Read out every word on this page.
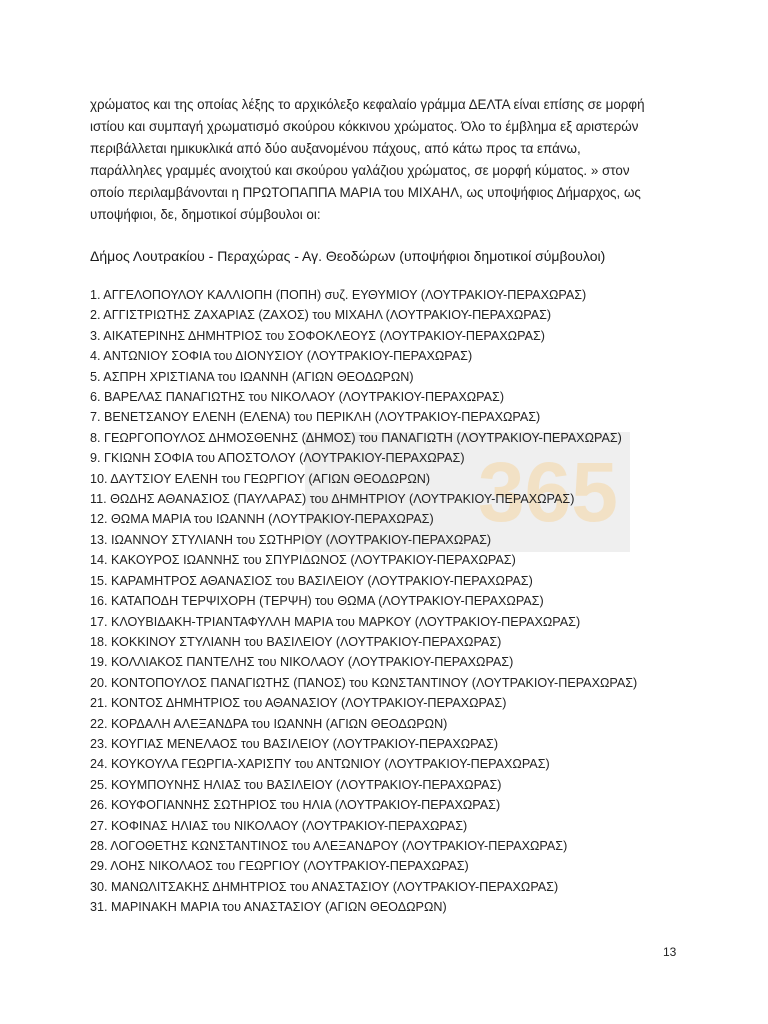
365
χρώματος και της οποίας λέξης το αρχικόλεξο κεφαλαίο γράμμα ΔΕΛΤΑ είναι επίσης σε μορφή
ιστίου και συμπαγή χρωματισμό σκούρου κόκκινου χρώματος. Όλο το έμβλημα εξ αριστερών
περιβάλλεται ημικυκλικά από δύο αυξανομένου πάχους, από κάτω προς τα επάνω,
παράλληλες γραμμές ανοιχτού και σκούρου γαλάζιου χρώματος, σε μορφή κύματος. » στον
οποίο περιλαμβάνονται η ΠΡΩΤΟΠΑΠΠΑ ΜΑΡΙΑ του ΜΙΧΑΗΛ, ως υποψήφιος Δήμαρχος, ως
υποψήφιοι, δε, δημοτικοί σύμβουλοι οι:
Δήμος Λουτρακίου - Περαχώρας - Αγ. Θεοδώρων (υποψήφιοι δημοτικοί σύμβουλοι)
1. ΑΓΓΕΛΟΠΟΥΛΟΥ ΚΑΛΛΙΟΠΗ (ΠΟΠΗ) συζ. ΕΥΘΥΜΙΟΥ (ΛΟΥΤΡΑΚΙΟΥ-ΠΕΡΑΧΩΡΑΣ)
2. ΑΓΓΙΣΤΡΙΩΤΗΣ ΖΑΧΑΡΙΑΣ (ΖΑΧΟΣ) του ΜΙΧΑΗΛ (ΛΟΥΤΡΑΚΙΟΥ-ΠΕΡΑΧΩΡΑΣ)
3. ΑΙΚΑΤΕΡΙΝΗΣ ΔΗΜΗΤΡΙΟΣ του ΣΟΦΟΚΛΕΟΥΣ (ΛΟΥΤΡΑΚΙΟΥ-ΠΕΡΑΧΩΡΑΣ)
4. ΑΝΤΩΝΙΟΥ ΣΟΦΙΑ του ΔΙΟΝΥΣΙΟΥ (ΛΟΥΤΡΑΚΙΟΥ-ΠΕΡΑΧΩΡΑΣ)
5. ΑΣΠΡΗ ΧΡΙΣΤΙΑΝΑ του ΙΩΑΝΝΗ (ΑΓΙΩΝ ΘΕΟΔΩΡΩΝ)
6. ΒΑΡΕΛΑΣ ΠΑΝΑΓΙΩΤΗΣ του ΝΙΚΟΛΑΟΥ (ΛΟΥΤΡΑΚΙΟΥ-ΠΕΡΑΧΩΡΑΣ)
7. ΒΕΝΕΤΣΑΝΟΥ ΕΛΕΝΗ (ΕΛΕΝΑ) του ΠΕΡΙΚΛΗ (ΛΟΥΤΡΑΚΙΟΥ-ΠΕΡΑΧΩΡΑΣ)
8. ΓΕΩΡΓΟΠΟΥΛΟΣ ΔΗΜΟΣΘΕΝΗΣ (ΔΗΜΟΣ) του ΠΑΝΑΓΙΩΤΗ (ΛΟΥΤΡΑΚΙΟΥ-ΠΕΡΑΧΩΡΑΣ)
9. ΓΚΙΩΝΗ ΣΟΦΙΑ του ΑΠΟΣΤΟΛΟΥ (ΛΟΥΤΡΑΚΙΟΥ-ΠΕΡΑΧΩΡΑΣ)
10. ΔΑΥΤΣΙΟΥ ΕΛΕΝΗ του ΓΕΩΡΓΙΟΥ (ΑΓΙΩΝ ΘΕΟΔΩΡΩΝ)
11. ΘΩΔΗΣ ΑΘΑΝΑΣΙΟΣ (ΠΑΥΛΑΡΑΣ) του ΔΗΜΗΤΡΙΟΥ (ΛΟΥΤΡΑΚΙΟΥ-ΠΕΡΑΧΩΡΑΣ)
12. ΘΩΜΑ ΜΑΡΙΑ του ΙΩΑΝΝΗ (ΛΟΥΤΡΑΚΙΟΥ-ΠΕΡΑΧΩΡΑΣ)
13. ΙΩΑΝΝΟΥ ΣΤΥΛΙΑΝΗ του ΣΩΤΗΡΙΟΥ (ΛΟΥΤΡΑΚΙΟΥ-ΠΕΡΑΧΩΡΑΣ)
14. ΚΑΚΟΥΡΟΣ ΙΩΑΝΝΗΣ του ΣΠΥΡΙΔΩΝΟΣ (ΛΟΥΤΡΑΚΙΟΥ-ΠΕΡΑΧΩΡΑΣ)
15. ΚΑΡΑΜΗΤΡΟΣ ΑΘΑΝΑΣΙΟΣ του ΒΑΣΙΛΕΙΟΥ (ΛΟΥΤΡΑΚΙΟΥ-ΠΕΡΑΧΩΡΑΣ)
16. ΚΑΤΑΠΟΔΗ ΤΕΡΨΙΧΟΡΗ (ΤΕΡΨΗ) του ΘΩΜΑ (ΛΟΥΤΡΑΚΙΟΥ-ΠΕΡΑΧΩΡΑΣ)
17. ΚΛΟΥΒΙΔΑΚΗ-ΤΡΙΑΝΤΑΦΥΛΛΗ ΜΑΡΙΑ του ΜΑΡΚΟΥ (ΛΟΥΤΡΑΚΙΟΥ-ΠΕΡΑΧΩΡΑΣ)
18. ΚΟΚΚΙΝΟΥ ΣΤΥΛΙΑΝΗ του ΒΑΣΙΛΕΙΟΥ (ΛΟΥΤΡΑΚΙΟΥ-ΠΕΡΑΧΩΡΑΣ)
19. ΚΟΛΛΙΑΚΟΣ ΠΑΝΤΕΛΗΣ του ΝΙΚΟΛΑΟΥ (ΛΟΥΤΡΑΚΙΟΥ-ΠΕΡΑΧΩΡΑΣ)
20. ΚΟΝΤΟΠΟΥΛΟΣ ΠΑΝΑΓΙΩΤΗΣ (ΠΑΝΟΣ) του ΚΩΝΣΤΑΝΤΙΝΟΥ (ΛΟΥΤΡΑΚΙΟΥ-ΠΕΡΑΧΩΡΑΣ)
21. ΚΟΝΤΟΣ ΔΗΜΗΤΡΙΟΣ του ΑΘΑΝΑΣΙΟΥ (ΛΟΥΤΡΑΚΙΟΥ-ΠΕΡΑΧΩΡΑΣ)
22. ΚΟΡΔΑΛΗ ΑΛΕΞΑΝΔΡΑ του ΙΩΑΝΝΗ (ΑΓΙΩΝ ΘΕΟΔΩΡΩΝ)
23. ΚΟΥΓΙΑΣ ΜΕΝΕΛΑΟΣ του ΒΑΣΙΛΕΙΟΥ (ΛΟΥΤΡΑΚΙΟΥ-ΠΕΡΑΧΩΡΑΣ)
24. ΚΟΥΚΟΥΛΑ ΓΕΩΡΓΙΑ-ΧΑΡΙΣΠΥ του ΑΝΤΩΝΙΟΥ (ΛΟΥΤΡΑΚΙΟΥ-ΠΕΡΑΧΩΡΑΣ)
25. ΚΟΥΜΠΟΥΝΗΣ ΗΛΙΑΣ του ΒΑΣΙΛΕΙΟΥ (ΛΟΥΤΡΑΚΙΟΥ-ΠΕΡΑΧΩΡΑΣ)
26. ΚΟΥΦΟΓΙΑΝΝΗΣ ΣΩΤΗΡΙΟΣ του ΗΛΙΑ (ΛΟΥΤΡΑΚΙΟΥ-ΠΕΡΑΧΩΡΑΣ)
27. ΚΟΦΙΝΑΣ ΗΛΙΑΣ του ΝΙΚΟΛΑΟΥ (ΛΟΥΤΡΑΚΙΟΥ-ΠΕΡΑΧΩΡΑΣ)
28. ΛΟΓΟΘΕΤΗΣ ΚΩΝΣΤΑΝΤΙΝΟΣ του ΑΛΕΞΑΝΔΡΟΥ (ΛΟΥΤΡΑΚΙΟΥ-ΠΕΡΑΧΩΡΑΣ)
29. ΛΟΗΣ ΝΙΚΟΛΑΟΣ του ΓΕΩΡΓΙΟΥ (ΛΟΥΤΡΑΚΙΟΥ-ΠΕΡΑΧΩΡΑΣ)
30. ΜΑΝΩΛΙΤΣΑΚΗΣ ΔΗΜΗΤΡΙΟΣ του ΑΝΑΣΤΑΣΙΟΥ (ΛΟΥΤΡΑΚΙΟΥ-ΠΕΡΑΧΩΡΑΣ)
31. ΜΑΡΙΝΑΚΗ ΜΑΡΙΑ του ΑΝΑΣΤΑΣΙΟΥ (ΑΓΙΩΝ ΘΕΟΔΩΡΩΝ)
13
